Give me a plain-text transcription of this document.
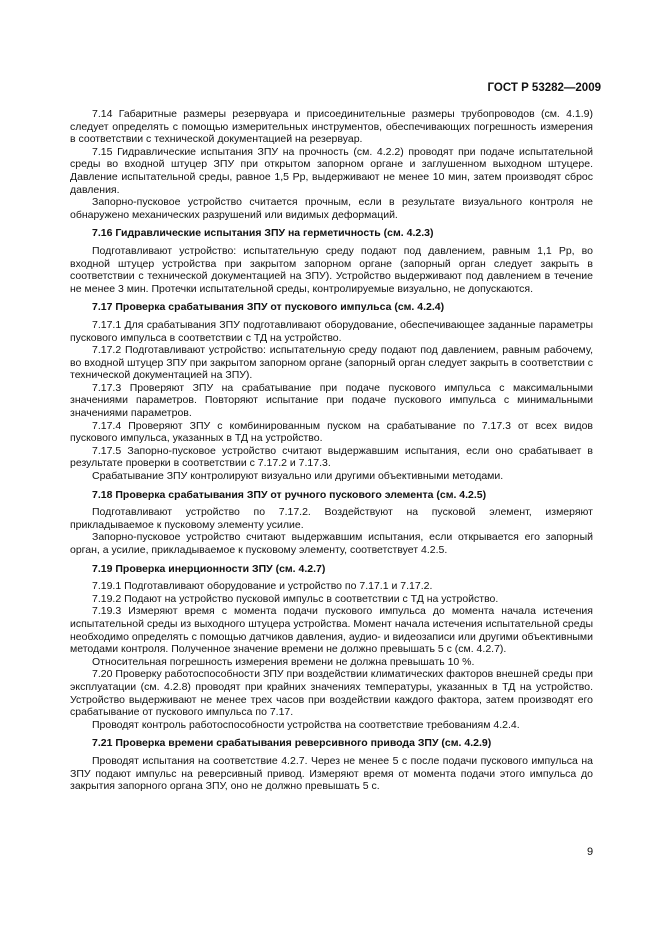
ГОСТ Р 53282—2009

7.14 Габаритные размеры резервуара и присоединительные размеры трубопроводов (см. 4.1.9) следует определять с помощью измерительных инструментов, обеспечивающих погрешность измерения в соответствии с технической документацией на резервуар.

7.15 Гидравлические испытания ЗПУ на прочность (см. 4.2.2) проводят при подаче испытательной среды во входной штуцер ЗПУ при открытом запорном органе и заглушенном выходном штуцере. Давление испытательной среды, равное 1,5 Pр, выдерживают не менее 10 мин, затем производят сброс давления.

Запорно-пусковое устройство считается прочным, если в результате визуального контроля не обнаружено механических разрушений или видимых деформаций.

7.16 Гидравлические испытания ЗПУ на герметичность (см. 4.2.3)

Подготавливают устройство: испытательную среду подают под давлением, равным 1,1 Pр, во входной штуцер устройства при закрытом запорном органе (запорный орган следует закрыть в соответствии с технической документацией на ЗПУ). Устройство выдерживают под давлением в течение не менее 3 мин. Протечки испытательной среды, контролируемые визуально, не допускаются.

7.17 Проверка срабатывания ЗПУ от пускового импульса (см. 4.2.4)

7.17.1 Для срабатывания ЗПУ подготавливают оборудование, обеспечивающее заданные параметры пускового импульса в соответствии с ТД на устройство.

7.17.2 Подготавливают устройство: испытательную среду подают под давлением, равным рабочему, во входной штуцер ЗПУ при закрытом запорном органе (запорный орган следует закрыть в соответствии с технической документацией на ЗПУ).

7.17.3 Проверяют ЗПУ на срабатывание при подаче пускового импульса с максимальными значениями параметров. Повторяют испытание при подаче пускового импульса с минимальными значениями параметров.

7.17.4 Проверяют ЗПУ с комбинированным пуском на срабатывание по 7.17.3 от всех видов пускового импульса, указанных в ТД на устройство.

7.17.5 Запорно-пусковое устройство считают выдержавшим испытания, если оно срабатывает в результате проверки в соответствии с 7.17.2 и 7.17.3.

Срабатывание ЗПУ контролируют визуально или другими объективными методами.

7.18 Проверка срабатывания ЗПУ от ручного пускового элемента (см. 4.2.5)

Подготавливают устройство по 7.17.2. Воздействуют на пусковой элемент, измеряют прикладываемое к пусковому элементу усилие.

Запорно-пусковое устройство считают выдержавшим испытания, если открывается его запорный орган, а усилие, прикладываемое к пусковому элементу, соответствует 4.2.5.

7.19 Проверка инерционности ЗПУ (см. 4.2.7)

7.19.1 Подготавливают оборудование и устройство по 7.17.1 и 7.17.2.

7.19.2 Подают на устройство пусковой импульс в соответствии с ТД на устройство.

7.19.3 Измеряют время с момента подачи пускового импульса до момента начала истечения испытательной среды из выходного штуцера устройства. Момент начала истечения испытательной среды необходимо определять с помощью датчиков давления, аудио- и видеозаписи или другими объективными методами контроля. Полученное значение времени не должно превышать 5 с (см. 4.2.7).

Относительная погрешность измерения времени не должна превышать 10 %.

7.20 Проверку работоспособности ЗПУ при воздействии климатических факторов внешней среды при эксплуатации (см. 4.2.8) проводят при крайних значениях температуры, указанных в ТД на устройство. Устройство выдерживают не менее трех часов при воздействии каждого фактора, затем производят его срабатывание от пускового импульса по 7.17.

Проводят контроль работоспособности устройства на соответствие требованиям 4.2.4.

7.21 Проверка времени срабатывания реверсивного привода ЗПУ (см. 4.2.9)

Проводят испытания на соответствие 4.2.7. Через не менее 5 с после подачи пускового импульса на ЗПУ подают импульс на реверсивный привод. Измеряют время от момента подачи этого импульса до закрытия запорного органа ЗПУ, оно не должно превышать 5 с.

9
